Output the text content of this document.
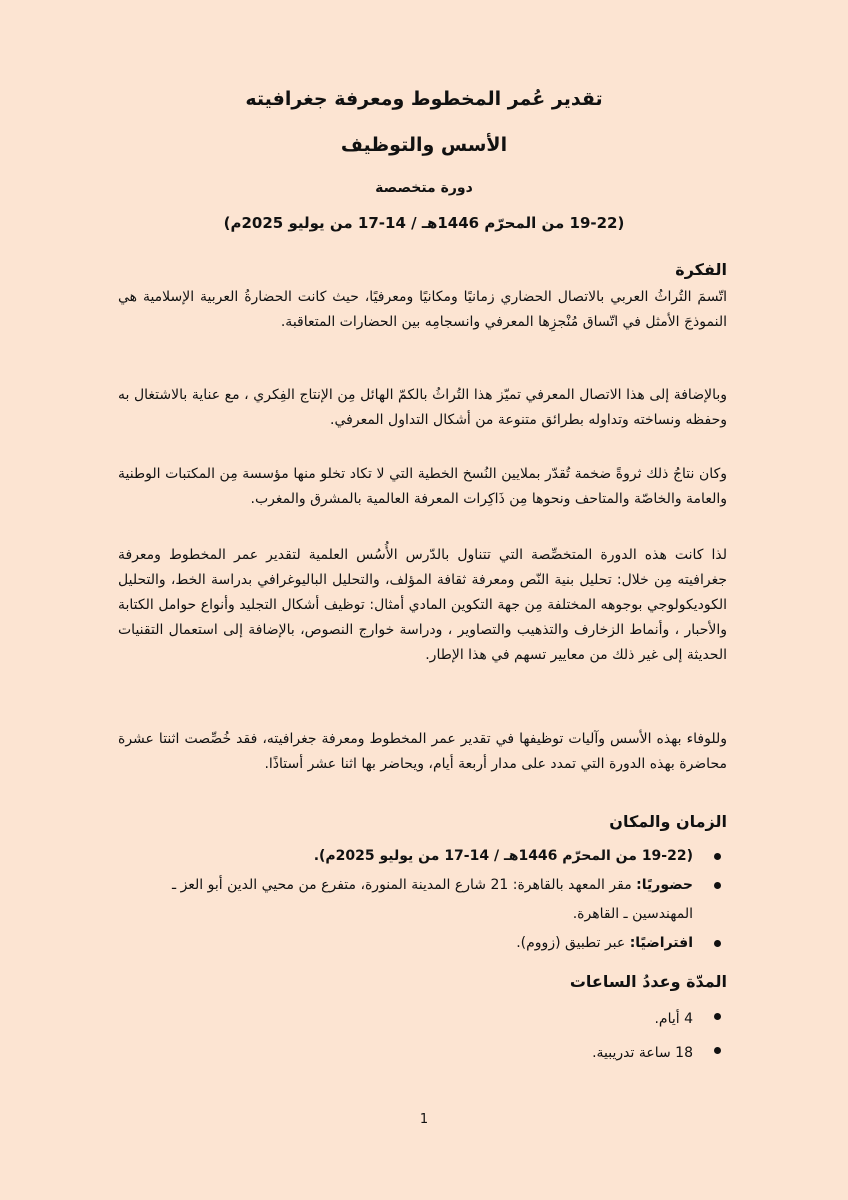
تقدير عُمر المخطوط ومعرفة جغرافيته
الأسس والتوظيف
دورة متخصصة
(19-22 من المحرّم 1446هـ / 14-17 من يوليو 2025م)
الفكرة

اتّسمَ التُراثُ العربي بالاتصال الحضاري زمانيًا ومكانيًا ومعرفيًا، حيث كانت الحضارةُ العربية الإسلامية هي النموذجَ الأمثل في اتّساق مُنْجزِها المعرفي وانسجامِه بين الحضارات المتعاقبة.

وبالإضافة إلى هذا الاتصال المعرفي تميّز هذا التُراثُ بالكمّ الهائل مِن الإنتاج الفِكري ، مع عناية بالاشتغال به وحفظه ونساخته وتداوله بطرائق متنوعة من أشكال التداول المعرفي.

وكان نتاجُ ذلك ثروةً ضخمة تُقدّر بملايين النُسخ الخطية التي لا تكاد تخلو منها مؤسسة مِن المكتبات الوطنية والعامة والخاصّة والمتاحف ونحوها مِن ذَاكِرات المعرفة العالمية بالمشرق والمغرب.

لذا كانت هذه الدورة المتخصِّصة التي تتناول بالدّرس الأُسُس العلمية لتقدير عمر المخطوط ومعرفة جغرافيته مِن خلال: تحليل بنية النّص ومعرفة ثقافة المؤلف، والتحليل الباليوغرافي بدراسة الخط، والتحليل الكوديكولوجي بوجوهه المختلفة مِن جهة التكوين المادي أمثال: توظيف أشكال التجليد وأنواع حوامل الكتابة والأحبار ، وأنماط الزخارف والتذهيب والتصاوير ، ودراسة خوارج النصوص، بالإضافة إلى استعمال التقنيات الحديثة إلى غير ذلك من معايير تسهم في هذا الإطار.

وللوفاء بهذه الأسس وآليات توظيفها في تقدير عمر المخطوط ومعرفة جغرافيته، فقد خُصِّصت اثنتا عشرة محاضرة بهذه الدورة التي تمدد على مدار أربعة أيام، ويحاضر بها اثنا عشر أستاذًا.

الزمان والمكان
(19-22 من المحرّم 1446هـ / 14-17 من يوليو 2025م).
حضوريًا: مقر المعهد بالقاهرة: 21 شارع المدينة المنورة، متفرع من محيي الدين أبو العز ـ المهندسين ـ القاهرة.
افتراضيًا: عبر تطبيق (زووم).
المدّة وعددُ الساعات
4 أيام.
18 ساعة تدريبية.
1
